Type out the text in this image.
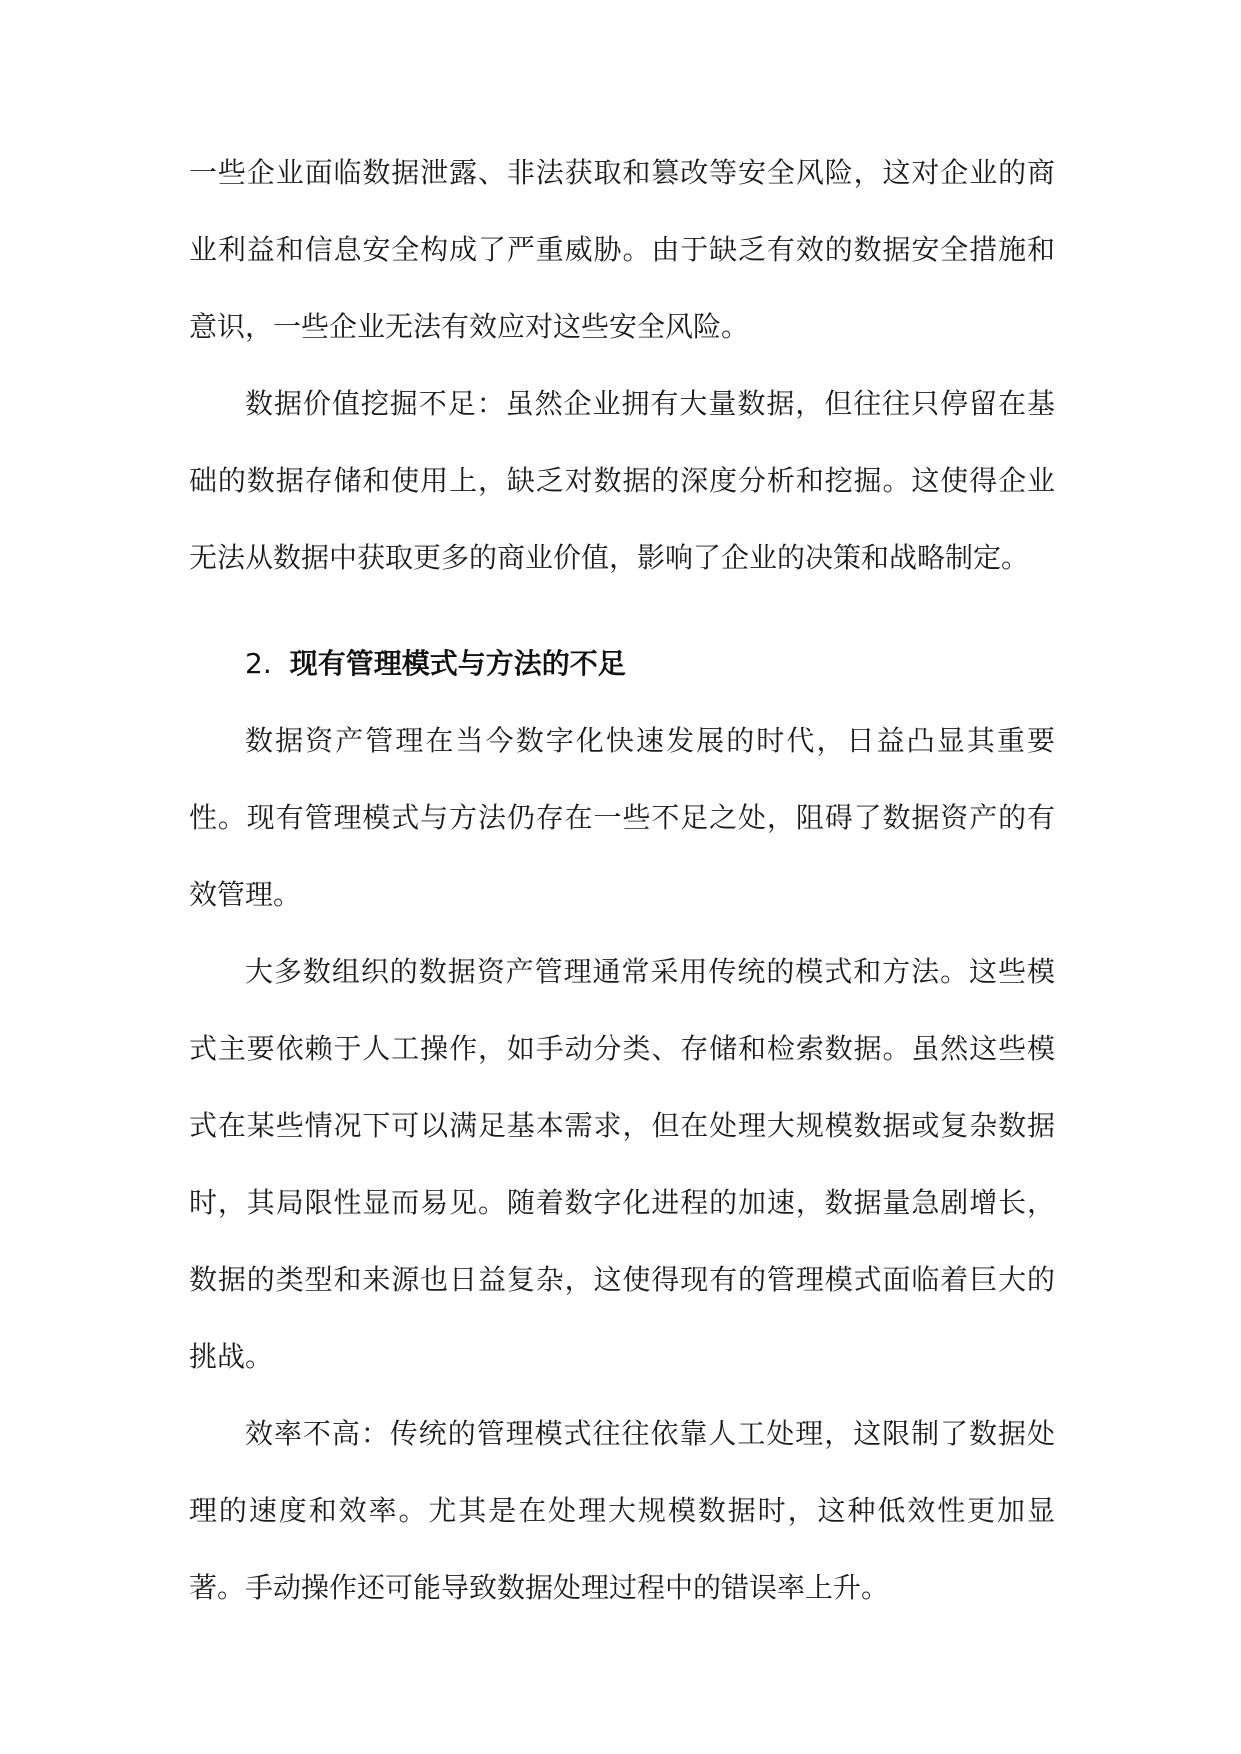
一些企业面临数据泄露、非法获取和篡改等安全风险，这对企业的商业利益和信息安全构成了严重威胁。由于缺乏有效的数据安全措施和意识，一些企业无法有效应对这些安全风险。

数据价值挖掘不足：虽然企业拥有大量数据，但往往只停留在基础的数据存储和使用上，缺乏对数据的深度分析和挖掘。这使得企业无法从数据中获取更多的商业价值，影响了企业的决策和战略制定。

2. 现有管理模式与方法的不足

数据资产管理在当今数字化快速发展的时代，日益凸显其重要性。现有管理模式与方法仍存在一些不足之处，阻碍了数据资产的有效管理。

大多数组织的数据资产管理通常采用传统的模式和方法。这些模式主要依赖于人工操作，如手动分类、存储和检索数据。虽然这些模式在某些情况下可以满足基本需求，但在处理大规模数据或复杂数据时，其局限性显而易见。随着数字化进程的加速，数据量急剧增长，数据的类型和来源也日益复杂，这使得现有的管理模式面临着巨大的挑战。

效率不高：传统的管理模式往往依靠人工处理，这限制了数据处理的速度和效率。尤其是在处理大规模数据时，这种低效性更加显著。手动操作还可能导致数据处理过程中的错误率上升。
